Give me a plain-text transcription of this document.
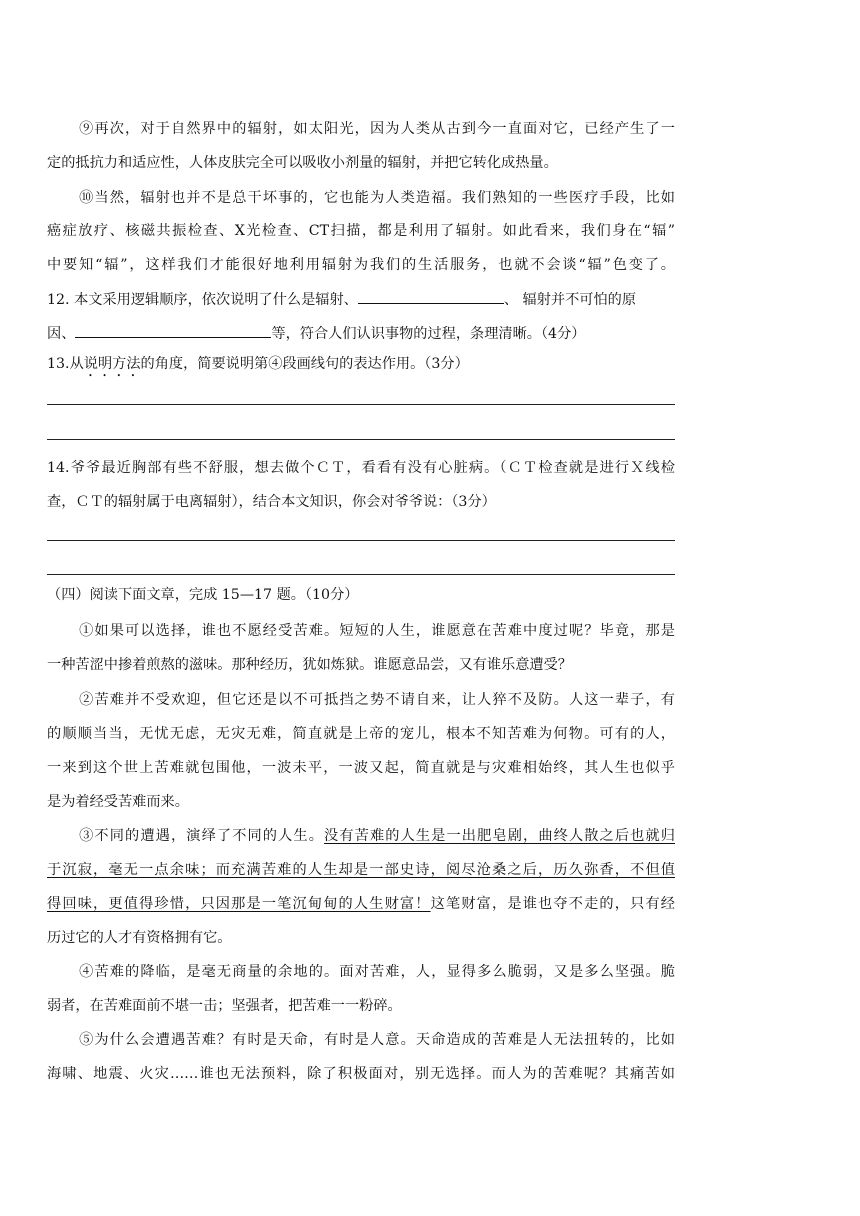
⑨再次，对于自然界中的辐射，如太阳光，因为人类从古到今一直面对它，已经产生了一
定的抵抗力和适应性，人体皮肤完全可以吸收小剂量的辐射，并把它转化成热量。
⑩当然，辐射也并不是总干坏事的，它也能为人类造福。我们熟知的一些医疗手段，比如
癌症放疗、核磁共振检查、X光检查、CT扫描，都是利用了辐射。如此看来，我们身在“辐”
中要知“辐”，这样我们才能很好地利用辐射为我们的生活服务，也就不会谈“辐”色变了。
12. 本文采用逻辑顺序，依次说明了什么是辐射、	、 辐射并不可怕的原
因、	等，符合人们认识事物的过程，条理清晰。（4分）
13.从说明方法的角度，简要说明第④段画线句的表达作用。（3分）
14.爷爷最近胸部有些不舒服，想去做个ＣＴ，看看有没有心脏病。（ＣＴ检查就是进行Ｘ线检
查，ＣＴ的辐射属于电离辐射），结合本文知识，你会对爷爷说：（3分）
（四）阅读下面文章，完成 15—17 题。（10分）
①如果可以选择，谁也不愿经受苦难。短短的人生，谁愿意在苦难中度过呢？毕竟，那是
一种苦涩中掺着煎熬的滋味。那种经历，犹如炼狱。谁愿意品尝，又有谁乐意遭受？
②苦难并不受欢迎，但它还是以不可抵挡之势不请自来，让人猝不及防。人这一辈子，有
的顺顺当当，无忧无虑，无灾无难，简直就是上帝的宠儿，根本不知苦难为何物。可有的人，
一来到这个世上苦难就包围他，一波未平，一波又起，简直就是与灾难相始终，其人生也似乎
是为着经受苦难而来。
③不同的遭遇，演绎了不同的人生。没有苦难的人生是一出肥皂剧，曲终人散之后也就归
于沉寂，毫无一点余味；而充满苦难的人生却是一部史诗，阅尽沧桑之后，历久弥香，不但值
得回味，更值得珍惜，只因那是一笔沉甸甸的人生财富！这笔财富，是谁也夺不走的，只有经
历过它的人才有资格拥有它。
④苦难的降临，是毫无商量的余地的。面对苦难，人，显得多么脆弱，又是多么坚强。脆
弱者，在苦难面前不堪一击；坚强者，把苦难一一粉碎。
⑤为什么会遭遇苦难？有时是天命，有时是人意。天命造成的苦难是人无法扭转的，比如
海啸、地震、火灾……谁也无法预料，除了积极面对，别无选择。而人为的苦难呢？其痛苦如
